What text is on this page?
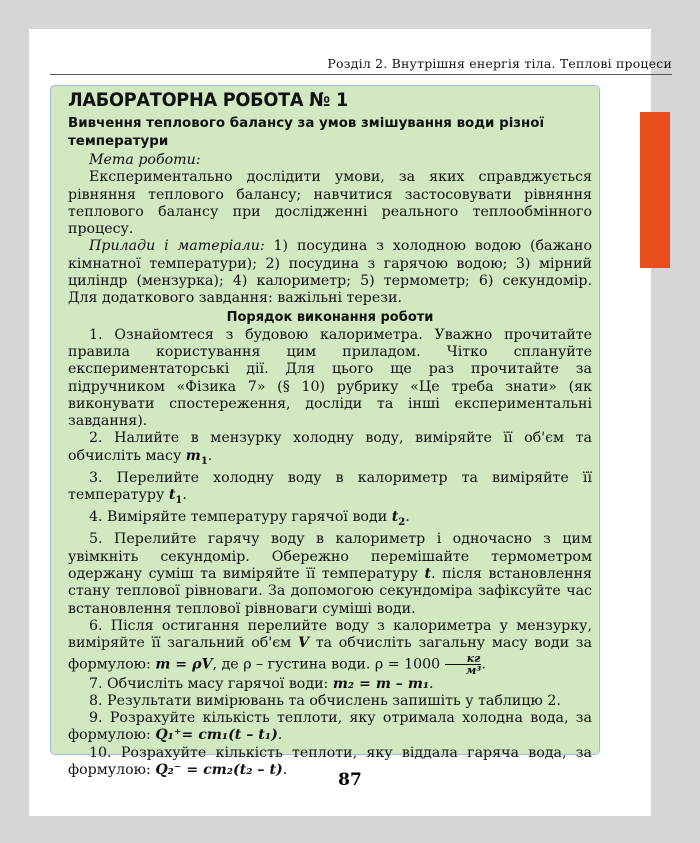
Розділ 2. Внутрішня енергія тіла. Теплові процеси
ЛАБОРАТОРНА РОБОТА № 1
Вивчення теплового балансу за умов змішування води різної температури

Мета роботи:

Експериментально дослідити умови, за яких справджується рівняння теплового балансу; навчитися застосовувати рівняння теплового балансу при дослідженні реального теплообмінного процесу.

Прилади і матеріали: 1) посудина з холодною водою (бажано кімнатної температури); 2) посудина з гарячою водою; 3) мірний циліндр (мензурка); 4) калориметр; 5) термометр; 6) секундомір. Для додаткового завдання: важільні терези.

Порядок виконання роботи

1. Ознайомтеся з будовою калориметра. Уважно прочитайте правила користування цим приладом. Чітко сплануйте експериментаторські дії. Для цього ще раз прочитайте за підручником «Фізика 7» (§ 10) рубрику «Це треба знати» (як виконувати спостереження, досліди та інші експериментальні завдання).

2. Налийте в мензурку холодну воду, виміряйте її об'єм та обчисліть масу $m_1$.

3. Перелийте холодну воду в калориметр та виміряйте її температуру $t_1$.

4. Виміряйте температуру гарячої води $t_2$.

5. Перелийте гарячу воду в калориметр і одночасно з цим увімкніть секундомір. Обережно перемішайте термометром одержану суміш та виміряйте її температуру t. після встановлення стану теплової рівноваги. За допомогою секундоміра зафіксуйте час встановлення теплової рівноваги суміші води.

6. Після остигання перелийте воду з калориметра у мензурку, виміряйте її загальний об'єм V та обчисліть загальну масу води за формулою: m = ρV, де ρ – густина води. $\rho = 1000 \frac{кг}{\text{м³}}$ .

7. Обчисліть масу гарячої води: m₂ = m – m₁.

8. Результати вимірювань та обчислень запишіть у таблицю 2.

9. Розрахуйте кількість теплоти, яку отримала холодна вода, за формулою: Q₁⁺= cm₁(t – t₁).

10. Розрахуйте кількість теплоти, яку віддала гаряча вода, за формулою: Q₂⁻ = cm₂(t₂ – t).

87
